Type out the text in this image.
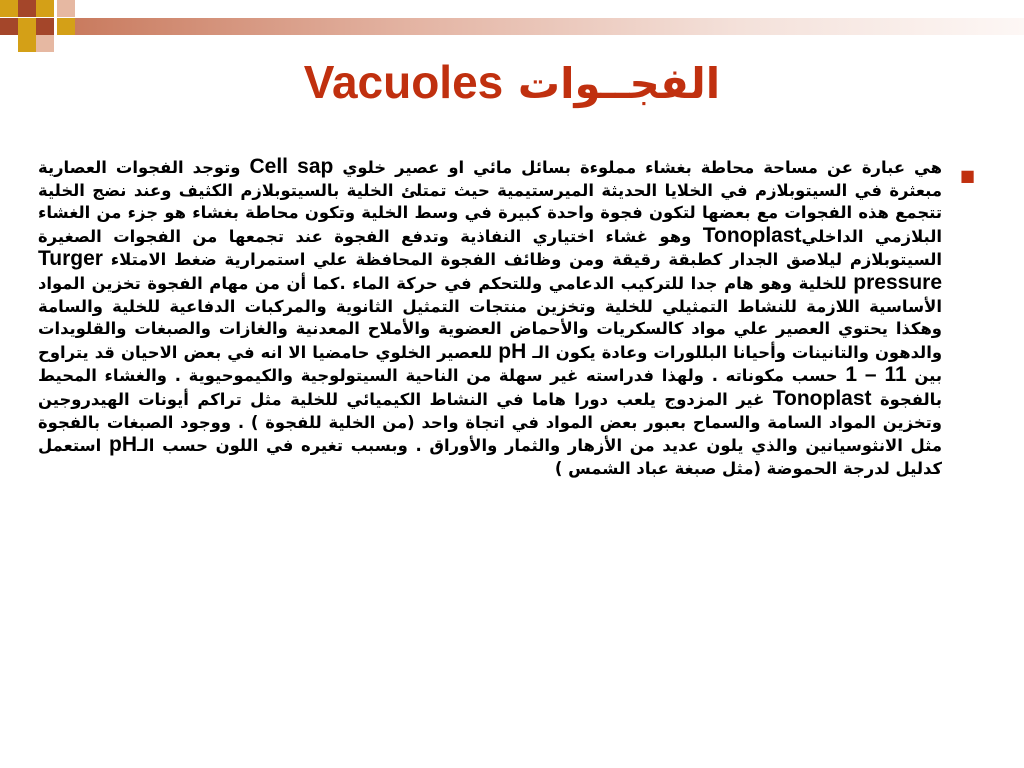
Vacuoles الفجــوات
■
هي عبارة عن مساحة محاطة بغشاء مملوءة بسائل مائي او عصير خلوي Cell sap وتوجد الفجوات العصارية مبعثرة في السيتوبلازم في الخلايا الحديثة الميرستيمية حيث تمتلئ الخلية بالسيتوبلازم الكثيف وعند نضج الخلية تتجمع هذه الفجوات مع بعضها لتكون فجوة واحدة كبيرة في وسط الخلية وتكون محاطة بغشاء هو جزء من الغشاء البلازمي الداخليTonoplast وهو غشاء اختياري النفاذية وتدفع الفجوة عند تجمعها من الفجوات الصغيرة السيتوبلازم ليلاصق الجدار كطبقة رقيقة ومن وظائف الفجوة المحافظة علي استمرارية ضغط الامتلاء Turger pressure للخلية وهو هام جدا للتركيب الدعامي وللتحكم في حركة الماء .كما أن من مهام الفجوة تخزين المواد الأساسية اللازمة للنشاط التمثيلي للخلية وتخزين منتجات التمثيل الثانوية والمركبات الدفاعية للخلية والسامة وهكذا يحتوي العصير علي مواد كالسكريات والأحماض العضوية والأملاح المعدنية والغازات والصبغات والقلويدات والدهون والتانينات وأحيانا البللورات وعادة يكون الـ pH للعصير الخلوي حامضيا الا انه في بعض الاحيان قد يتراوح بين 1 – 11 حسب مكوناته . ولهذا فدراسته غير سهلة من الناحية السيتولوجية والكيموحيوية . والغشاء المحيط بالفجوة Tonoplast غير المزدوج يلعب دورا هاما في النشاط الكيميائي للخلية مثل تراكم أيونات الهيدروجين وتخزين المواد السامة والسماح بعبور بعض المواد في اتجاة واحد (من الخلية للفجوة ) . ووجود الصبغات بالفجوة مثل الانثوسيانين والذي يلون عديد من الأزهار والثمار والأوراق . وبسبب تغيره في اللون حسب الـpH استعمل كدليل لدرجة الحموضة (مثل صبغة عباد الشمس )
